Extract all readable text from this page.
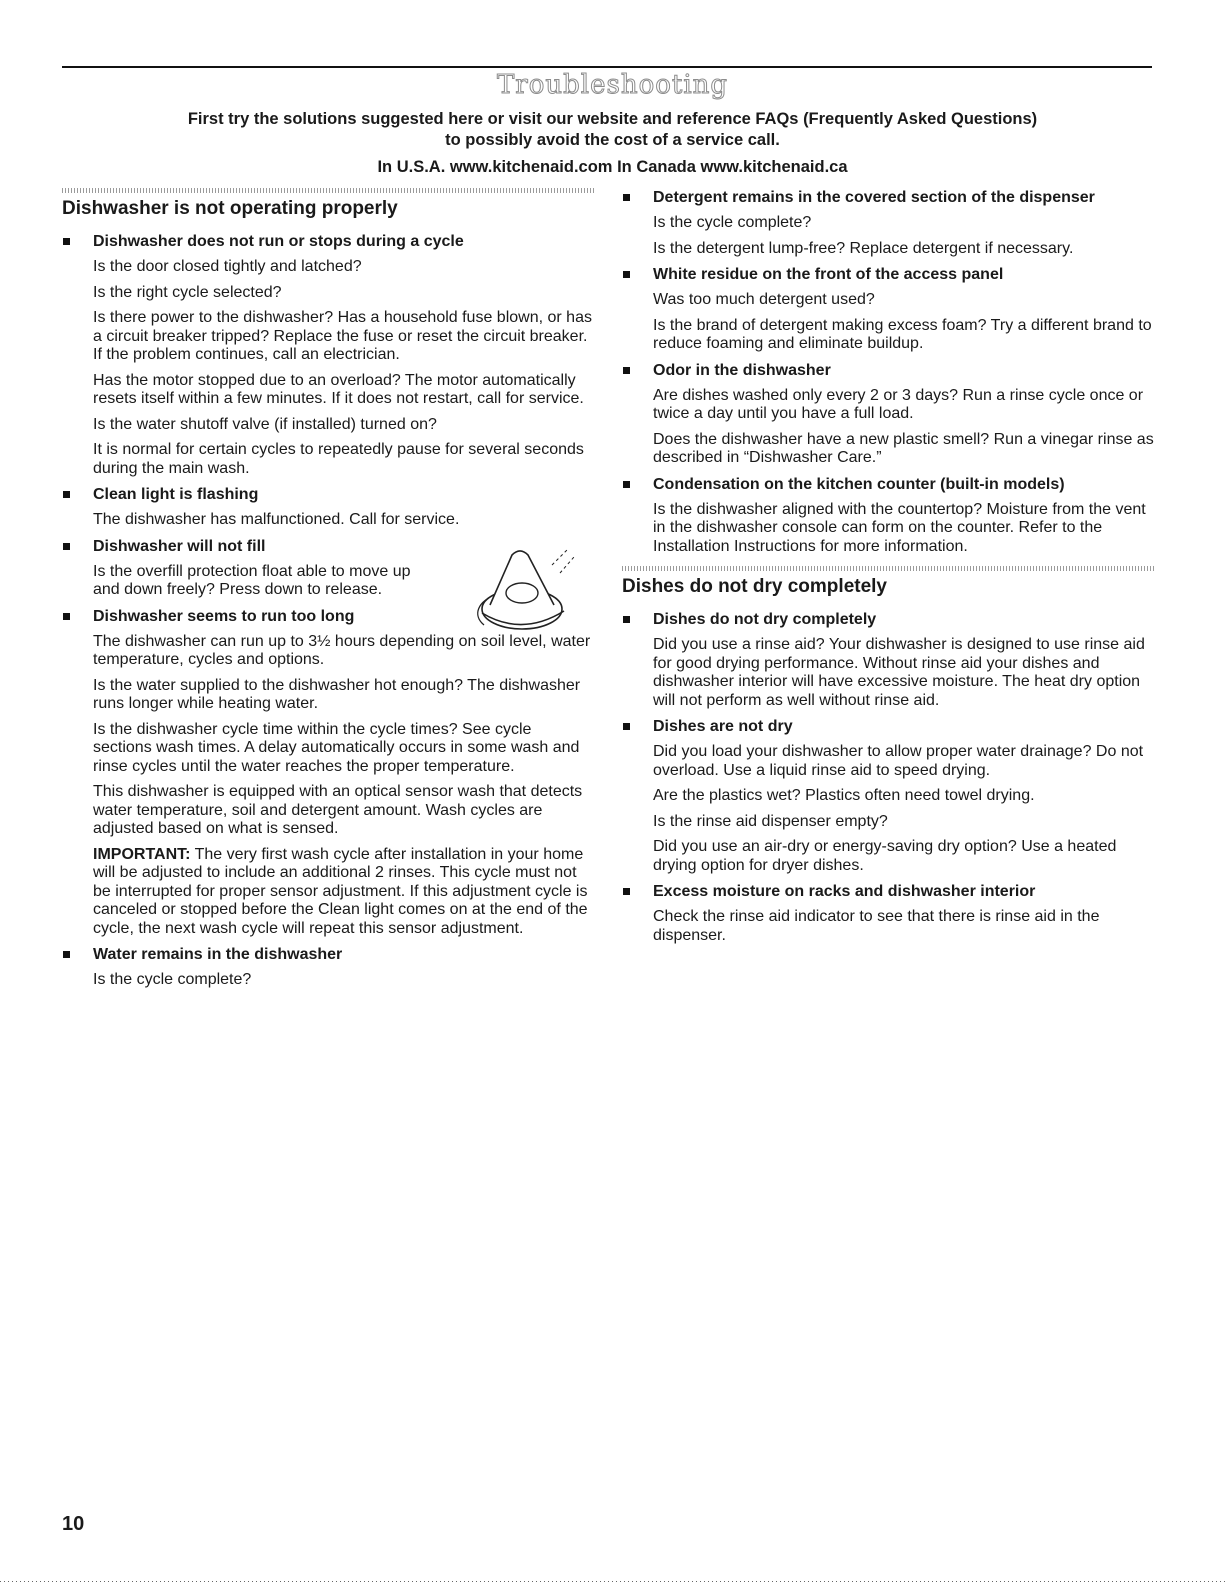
Troubleshooting

First try the solutions suggested here or visit our website and reference FAQs (Frequently Asked Questions)

to possibly avoid the cost of a service call.

In U.S.A. www.kitchenaid.com In Canada www.kitchenaid.ca

Dishwasher is not operating properly
Dishwasher does not run or stops during a cycle

Is the door closed tightly and latched?

Is the right cycle selected?

Is there power to the dishwasher? Has a household fuse blown, or has a circuit breaker tripped? Replace the fuse or reset the circuit breaker. If the problem continues, call an electrician.

Has the motor stopped due to an overload? The motor automatically resets itself within a few minutes. If it does not restart, call for service.

Is the water shutoff valve (if installed) turned on?

It is normal for certain cycles to repeatedly pause for several seconds during the main wash.

Clean light is flashing

The dishwasher has malfunctioned. Call for service.

Dishwasher will not fill

Is the overfill protection float able to move up and down freely? Press down to release.

Dishwasher seems to run too long

The dishwasher can run up to 3½ hours depending on soil level, water temperature, cycles and options.

Is the water supplied to the dishwasher hot enough? The dishwasher runs longer while heating water.

Is the dishwasher cycle time within the cycle times? See cycle sections wash times. A delay automatically occurs in some wash and rinse cycles until the water reaches the proper temperature.

This dishwasher is equipped with an optical sensor wash that detects water temperature, soil and detergent amount. Wash cycles are adjusted based on what is sensed.

IMPORTANT: The very first wash cycle after installation in your home will be adjusted to include an additional 2 rinses. This cycle must not be interrupted for proper sensor adjustment. If this adjustment cycle is canceled or stopped before the Clean light comes on at the end of the cycle, the next wash cycle will repeat this sensor adjustment.

Water remains in the dishwasher

Is the cycle complete?

Detergent remains in the covered section of the dispenser

Is the cycle complete?

Is the detergent lump-free? Replace detergent if necessary.

White residue on the front of the access panel

Was too much detergent used?

Is the brand of detergent making excess foam? Try a different brand to reduce foaming and eliminate buildup.

Odor in the dishwasher

Are dishes washed only every 2 or 3 days? Run a rinse cycle once or twice a day until you have a full load.

Does the dishwasher have a new plastic smell? Run a vinegar rinse as described in “Dishwasher Care.”

Condensation on the kitchen counter (built-in models)

Is the dishwasher aligned with the countertop? Moisture from the vent in the dishwasher console can form on the counter. Refer to the Installation Instructions for more information.

Dishes do not dry completely
Dishes do not dry completely

Did you use a rinse aid? Your dishwasher is designed to use rinse aid for good drying performance. Without rinse aid your dishes and dishwasher interior will have excessive moisture. The heat dry option will not perform as well without rinse aid.

Dishes are not dry

Did you load your dishwasher to allow proper water drainage? Do not overload. Use a liquid rinse aid to speed drying.

Are the plastics wet? Plastics often need towel drying.

Is the rinse aid dispenser empty?

Did you use an air-dry or energy-saving dry option? Use a heated drying option for dryer dishes.

Excess moisture on racks and dishwasher interior

Check the rinse aid indicator to see that there is rinse aid in the dispenser.

10
